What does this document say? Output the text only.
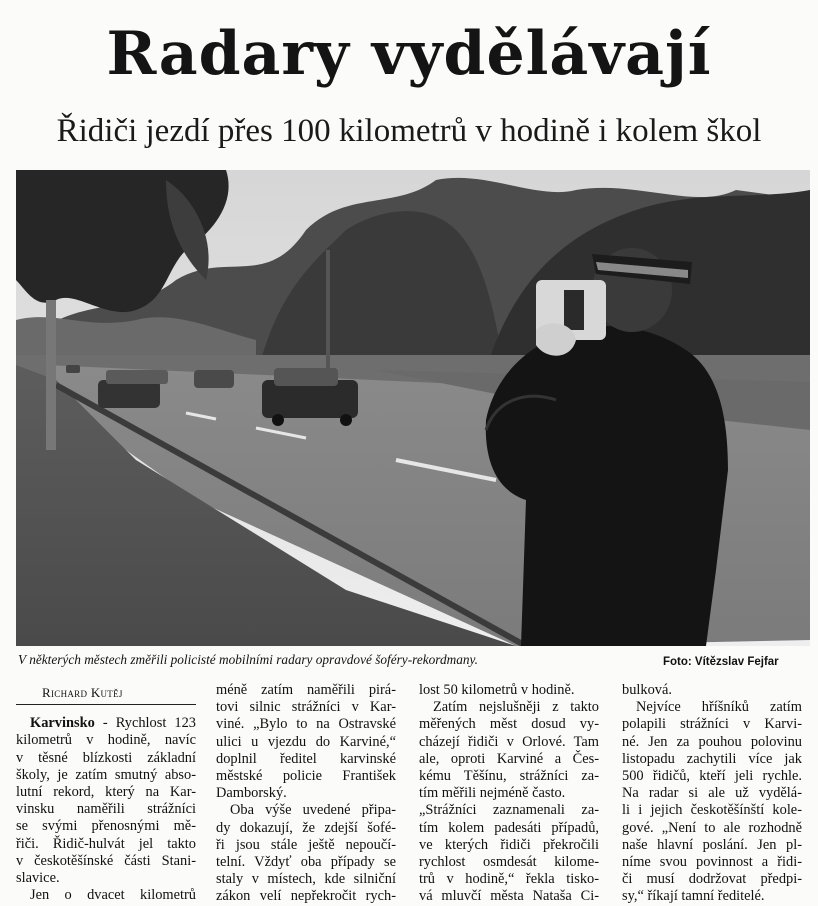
Radary vydělávají
Řidiči jezdí přes 100 kilometrů v hodině i kolem škol
V některých městech změřili policisté mobilními radary opravdové šoféry-rekordmany.	Foto: Vítězslav Fejfar
Richard Kutěj
Karvinsko - Rychlost 123
kilometrů v hodině, navíc
v těsné blízkosti základní
školy, je zatím smutný abso-
lutní rekord, který na Kar-
vinsku naměřili strážníci
se svými přenosnými mě-
řiči. Řidič-hulvát jel takto
v českotěšínské části Stani-
slavice.
Jen o dvacet kilometrů
méně zatím naměřili pirá-
tovi silnic strážníci v Kar-
viné. „Bylo to na Ostravské
ulici u vjezdu do Karviné,“
doplnil ředitel karvinské
městské policie František
Damborský.
Oba výše uvedené připa-
dy dokazují, že zdejší šofé-
ři jsou stále ještě nepoučí-
telní. Vždyť oba případy se
staly v místech, kde silniční
zákon velí nepřekročit rych-
lost 50 kilometrů v hodině.
Zatím nejslušněji z takto
měřených měst dosud vy-
cházejí řidiči v Orlové. Tam
ale, oproti Karviné a Čes-
kému Těšínu, strážníci za-
tím měřili nejméně často.
„Strážníci zaznamenali za-
tím kolem padesáti případů,
ve kterých řidiči překročili
rychlost osmdesát kilome-
trů v hodině,“ řekla tisko-
vá mluvčí města Nataša Ci-
bulková.
Nejvíce hříšníků zatím
polapili strážníci v Karvi-
né. Jen za pouhou polovinu
listopadu zachytili více jak
500 řidičů, kteří jeli rychle.
Na radar si ale už vydělá-
li i jejich českotěšínští kole-
gové. „Není to ale rozhodně
naše hlavní poslání. Jen pl-
níme svou povinnost a řidi-
či musí dodržovat předpi-
sy,“ říkají tamní ředitelé.
